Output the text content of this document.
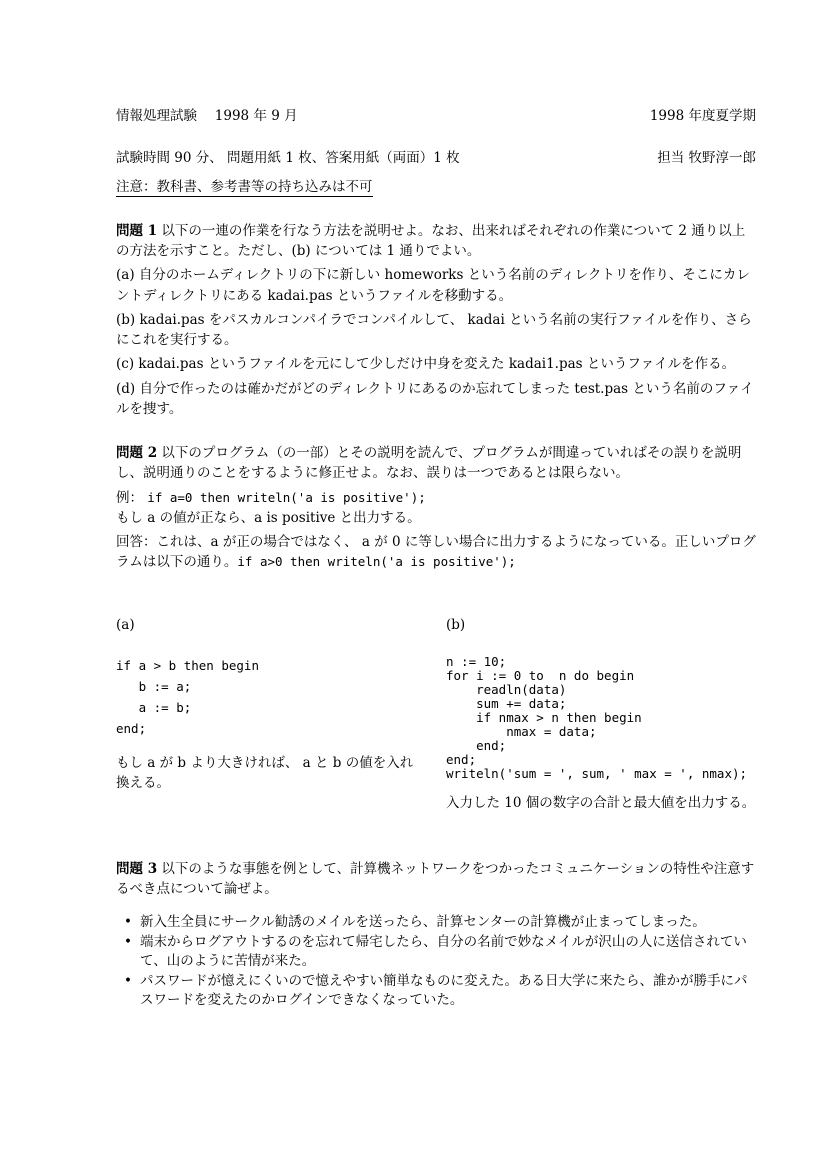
情報処理試験　 1998 年 9 月	1998 年度夏学期
試験時間 90 分、 問題用紙 1 枚、答案用紙（両面）1 枚	担当 牧野淳一郎
注意：教科書、参考書等の持ち込みは不可

問題 1 以下の一連の作業を行なう方法を説明せよ。なお、出来ればそれぞれの作業について 2 通り以上の方法を示すこと。ただし、(b) については 1 通りでよい。

(a) 自分のホームディレクトリの下に新しい homeworks という名前のディレクトリを作り、そこにカレントディレクトリにある kadai.pas というファイルを移動する。

(b) kadai.pas をパスカルコンパイラでコンパイルして、 kadai という名前の実行ファイルを作り、さらにこれを実行する。

(c) kadai.pas というファイルを元にして少しだけ中身を変えた kadai1.pas というファイルを作る。

(d) 自分で作ったのは確かだがどのディレクトリにあるのか忘れてしまった test.pas という名前のファイルを捜す。

問題 2 以下のプログラム（の一部）とその説明を読んで、プログラムが間違っていればその誤りを説明し、説明通りのことをするように修正せよ。なお、誤りは一つであるとは限らない。

例： if a=0 then writeln('a is positive');
もし a の値が正なら、a is positive と出力する。

回答：これは、a が正の場合ではなく、 a が 0 に等しい場合に出力するようになっている。正しいプログラムは以下の通り。if a>0 then writeln('a is positive');

(a)

if a > b then begin

b := a;

a := b;

end;

もし a が b より大きければ、 a と b の値を入れ換える。
(b)

n := 10;

for i := 0 to  n do begin

readln(data)

sum += data;

if nmax > n then begin

nmax = data;

end;

end;

writeln('sum = ', sum, ' max = ', nmax);

入力した 10 個の数字の合計と最大値を出力する。

問題 3 以下のような事態を例として、計算機ネットワークをつかったコミュニケーションの特性や注意するべき点について論ぜよ。

• 新入生全員にサークル勧誘のメイルを送ったら、計算センターの計算機が止まってしまった。
• 端末からログアウトするのを忘れて帰宅したら、自分の名前で妙なメイルが沢山の人に送信されていて、山のように苦情が来た。
• パスワードが憶えにくいので憶えやすい簡単なものに変えた。ある日大学に来たら、誰かが勝手にパスワードを変えたのかログインできなくなっていた。
